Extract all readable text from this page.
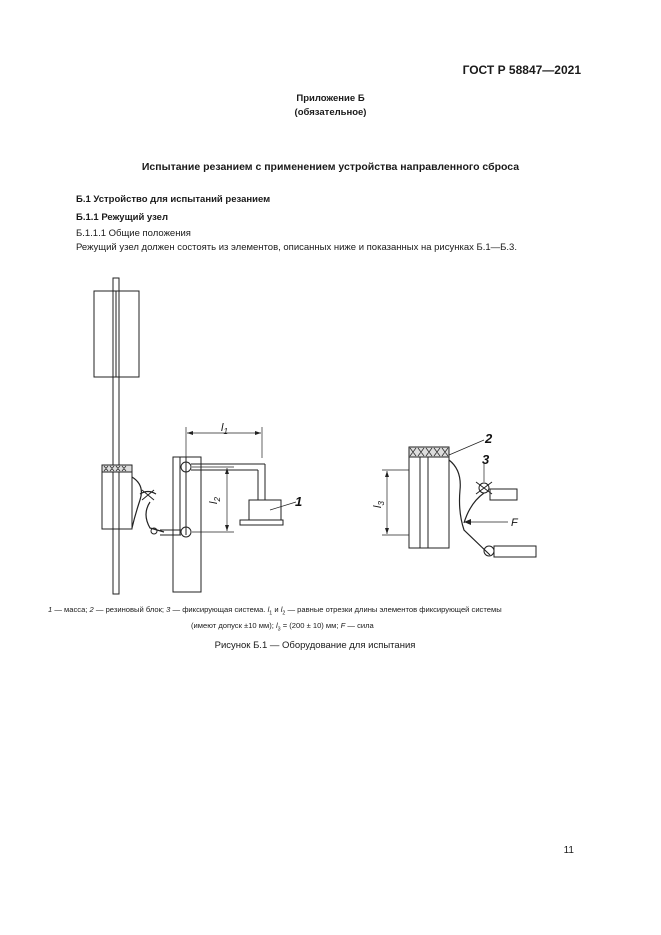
ГОСТ Р 58847—2021
Приложение Б
(обязательное)
Испытание резанием с применением устройства направленного сброса
Б.1 Устройство для испытаний резанием
Б.1.1 Режущий узел
Б.1.1.1 Общие положения
Режущий узел должен состоять из элементов, описанных ниже и показанных на рисунках Б.1—Б.3.
$l_1$
$l_2$	1	$l_3$
2
3
F
1 — масса; 2 — резиновый блок; 3 — фиксирующая система. $l_1$ и $l_2$ — равные отрезки длины элементов фиксирующей системы
(имеют допуск ±10 мм); $l_3 = (200 \pm 10)$ мм; F — сила
Рисунок Б.1 — Оборудование для испытания
11
